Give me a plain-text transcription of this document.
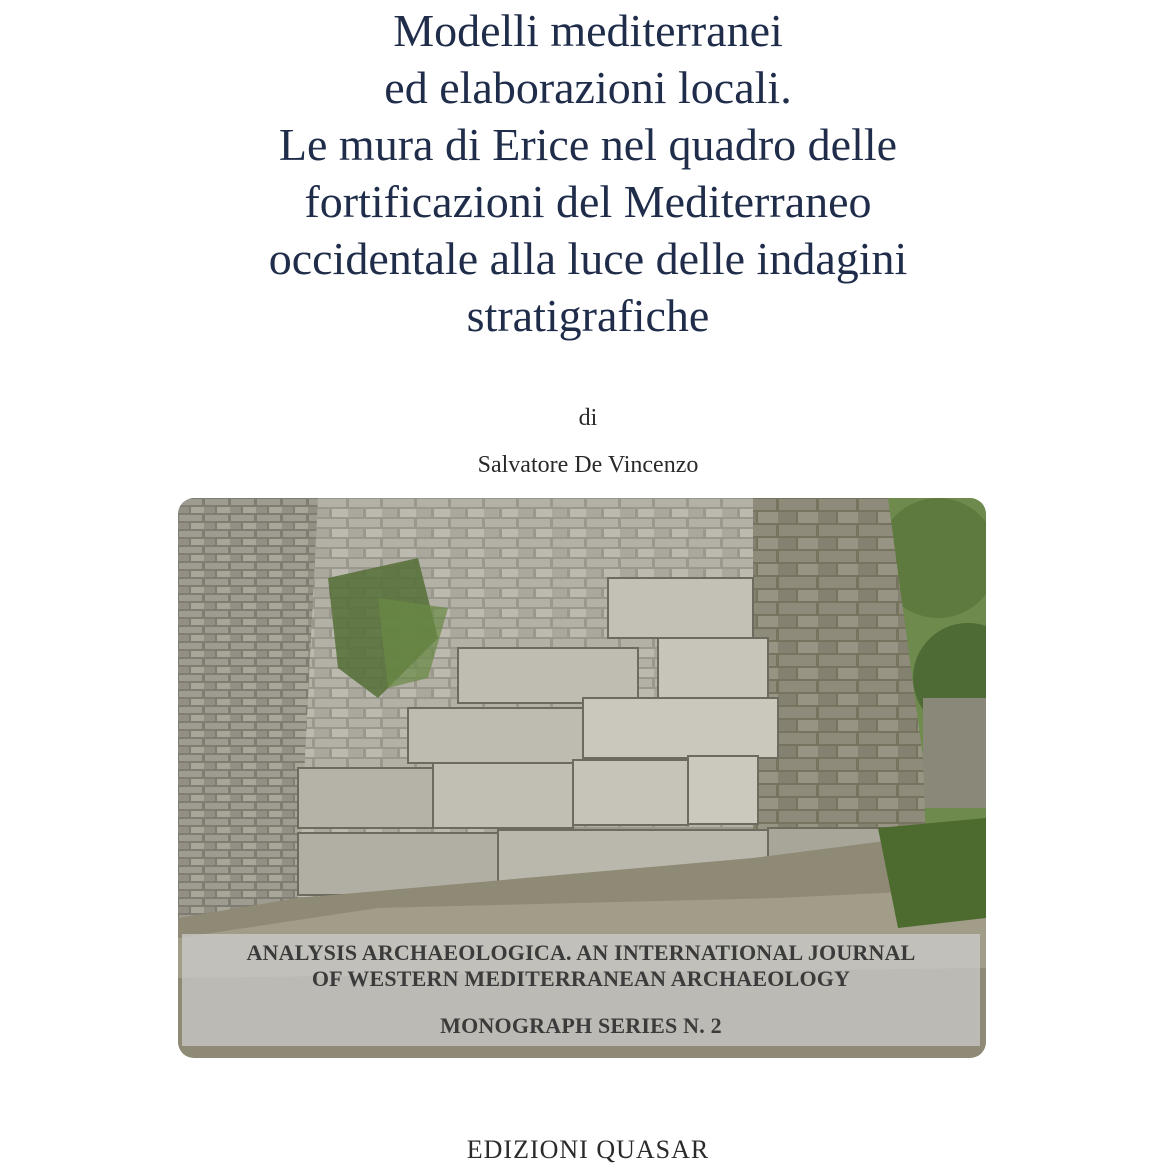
Modelli mediterranei
ed elaborazioni locali.
Le mura di Erice nel quadro delle
fortificazioni del Mediterraneo
occidentale alla luce delle indagini
stratigrafiche
di
Salvatore De Vincenzo
ANALYSIS ARCHAEOLOGICA. AN INTERNATIONAL JOURNAL
OF WESTERN MEDITERRANEAN ARCHAEOLOGY
MONOGRAPH SERIES N. 2
EDIZIONI QUASAR
